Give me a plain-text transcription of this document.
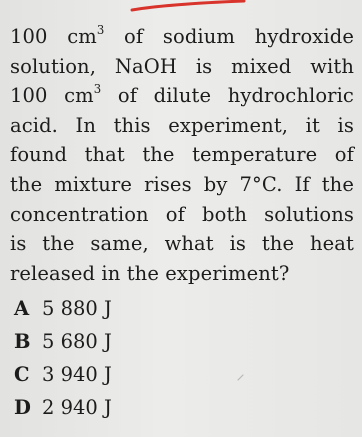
100 $cm^3$ of sodium hydroxide
solution, NaOH is mixed with
100 $cm^3$ of dilute hydrochloric
acid. In this experiment, it is
found that the temperature of
the mixture rises by 7°C. If the
concentration of both solutions
is the same, what is the heat
released
in
the
experiment?
A 5 880 J
B 5 680 J
C 3 940 J
D 2 940 J
